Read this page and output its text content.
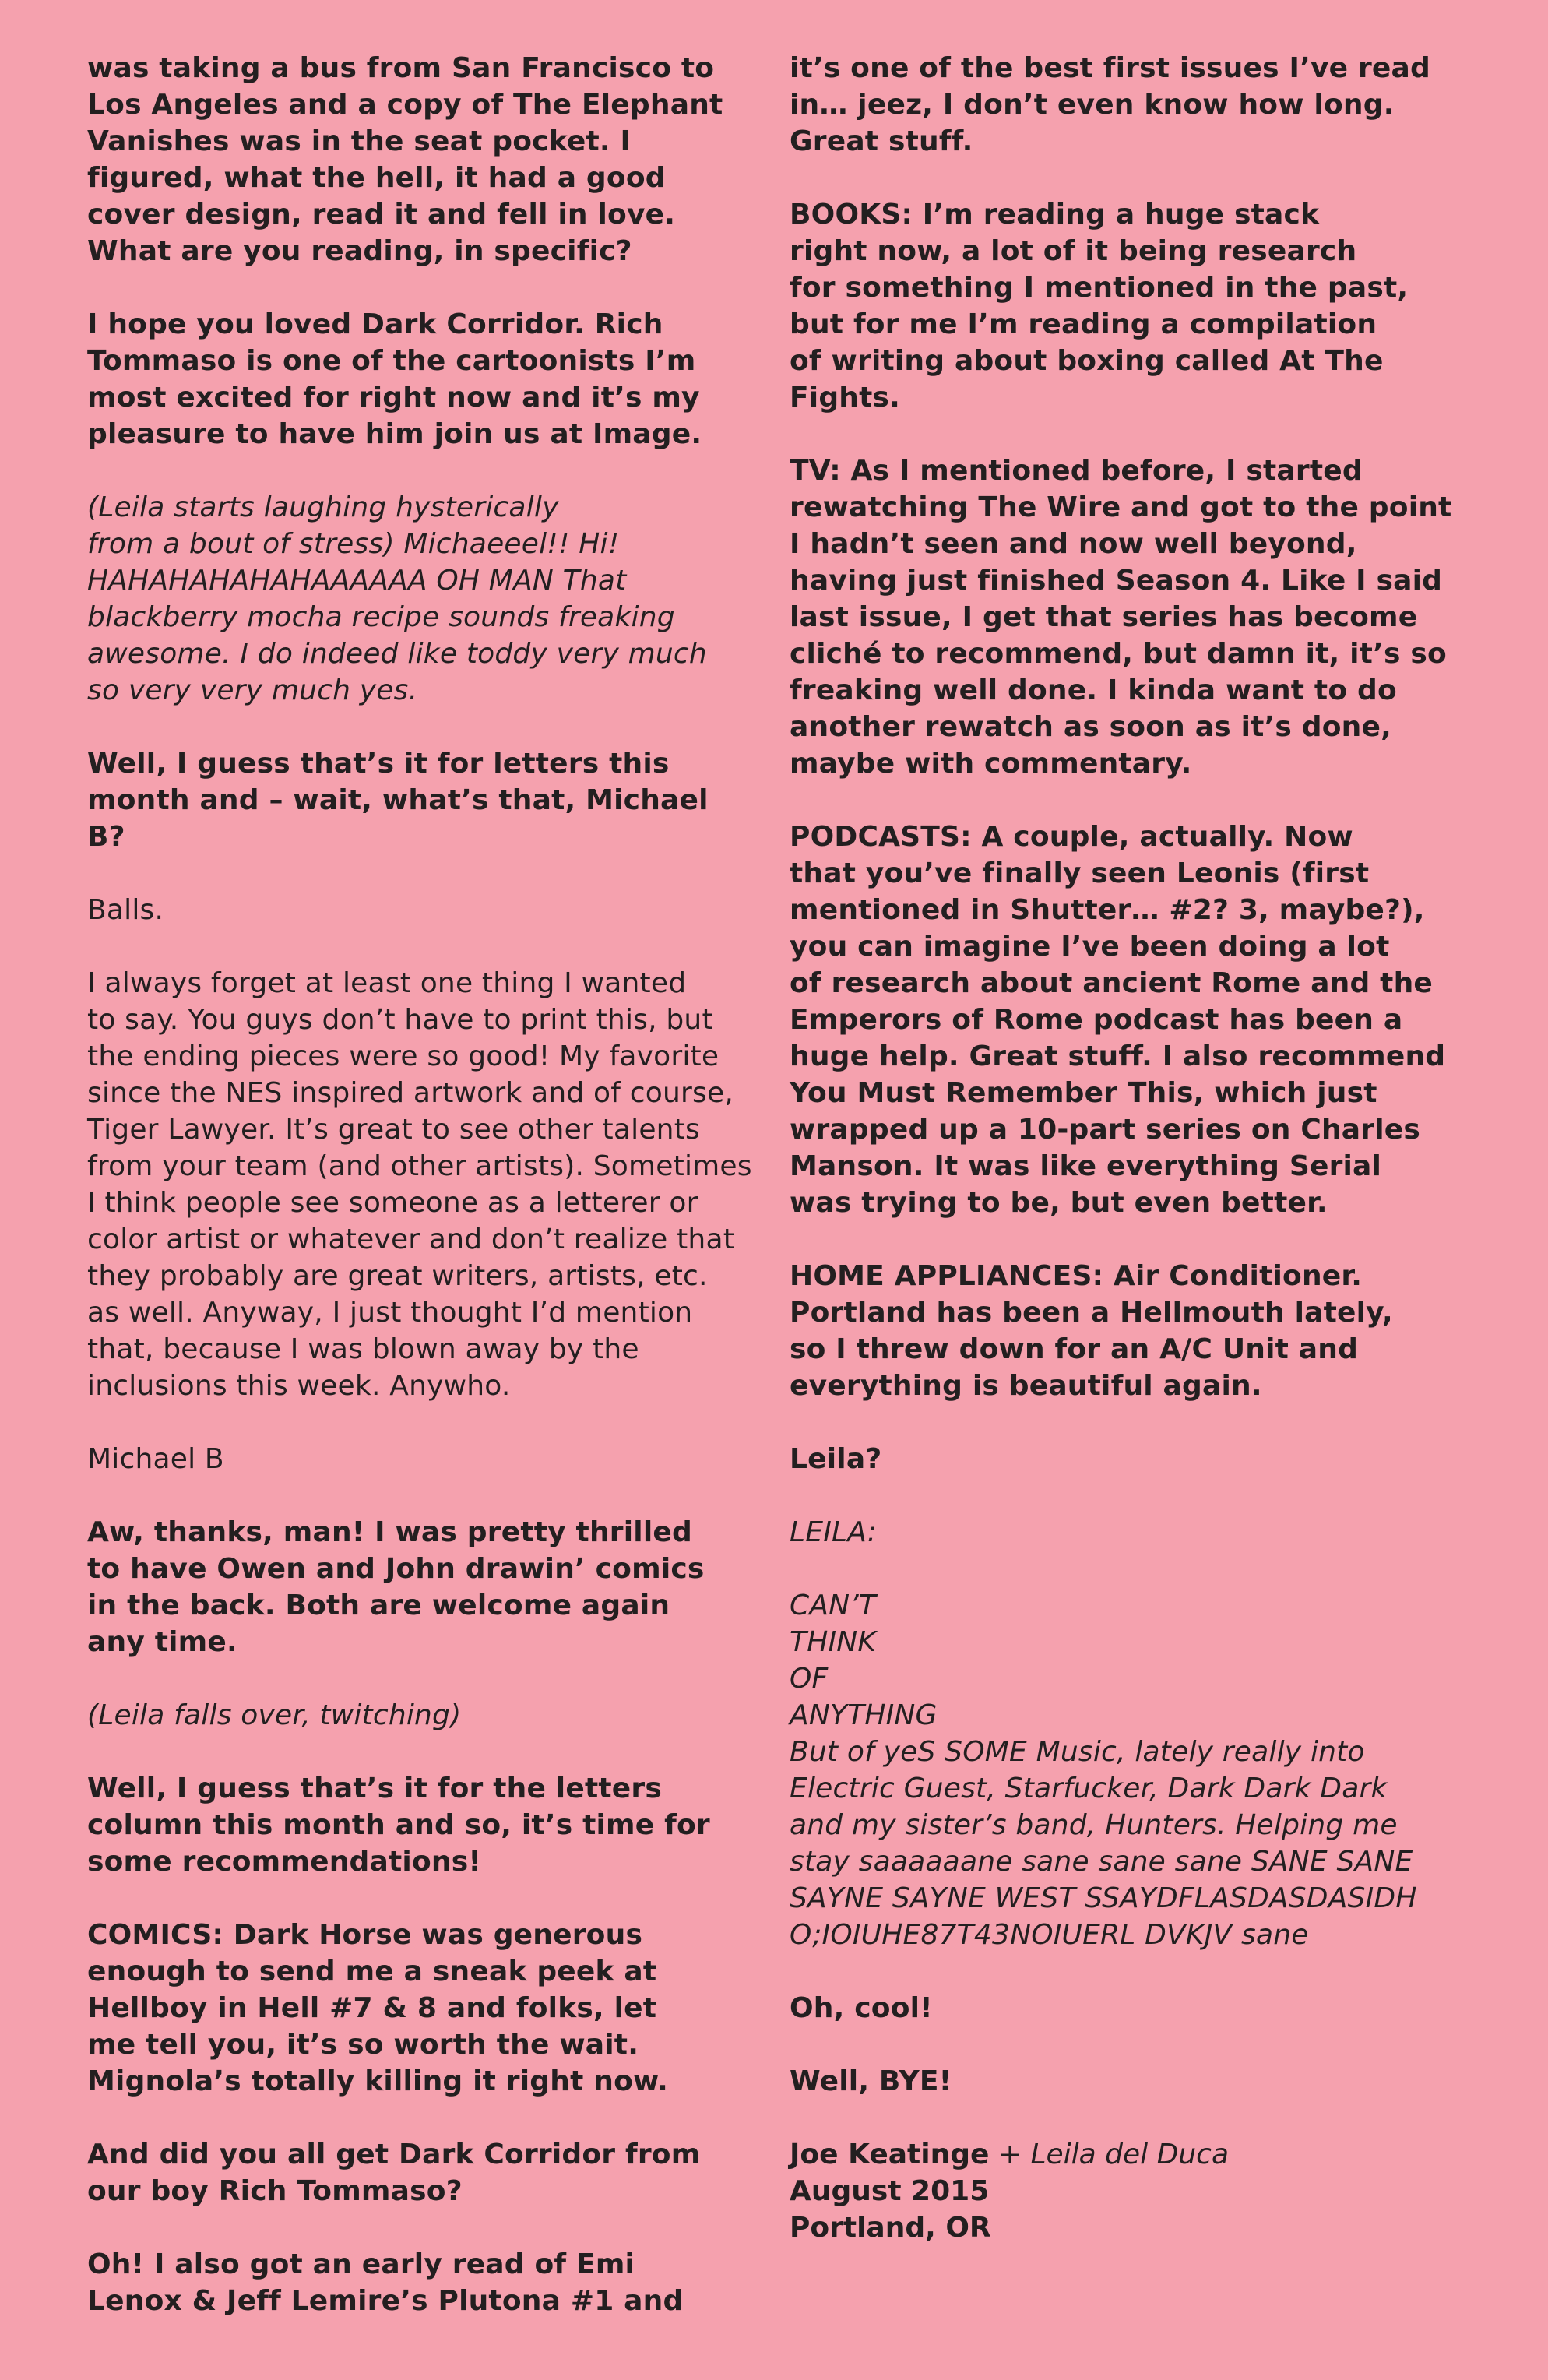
was taking a bus from San Francisco to
Los Angeles and a copy of The Elephant
Vanishes was in the seat pocket. I
figured, what the hell, it had a good
cover design, read it and fell in love.
What are you reading, in specific?

I hope you loved Dark Corridor. Rich
Tommaso is one of the cartoonists I’m
most excited for right now and it’s my
pleasure to have him join us at Image.

(Leila starts laughing hysterically
from a bout of stress) Michaeeel!! Hi!
HAHAHAHAHAHAAAAAA OH MAN That
blackberry mocha recipe sounds freaking
awesome. I do indeed like toddy very much
so very very much yes.

Well, I guess that’s it for letters this
month and – wait, what’s that, Michael
B?

Balls.

I always forget at least one thing I wanted
to say. You guys don’t have to print this, but
the ending pieces were so good! My favorite
since the NES inspired artwork and of course,
Tiger Lawyer. It’s great to see other talents
from your team (and other artists). Sometimes
I think people see someone as a letterer or
color artist or whatever and don’t realize that
they probably are great writers, artists, etc.
as well. Anyway, I just thought I’d mention
that, because I was blown away by the
inclusions this week. Anywho.

Michael B

Aw, thanks, man! I was pretty thrilled
to have Owen and John drawin’ comics
in the back. Both are welcome again
any time.

(Leila falls over, twitching)

Well, I guess that’s it for the letters
column this month and so, it’s time for
some recommendations!

COMICS: Dark Horse was generous
enough to send me a sneak peek at
Hellboy in Hell #7 & 8 and folks, let
me tell you, it’s so worth the wait.
Mignola’s totally killing it right now.

And did you all get Dark Corridor from
our boy Rich Tommaso?

Oh! I also got an early read of Emi
Lenox & Jeff Lemire’s Plutona #1 and

it’s one of the best first issues I’ve read
in… jeez, I don’t even know how long.
Great stuff.

BOOKS: I’m reading a huge stack
right now, a lot of it being research
for something I mentioned in the past,
but for me I’m reading a compilation
of writing about boxing called At The
Fights.

TV: As I mentioned before, I started
rewatching The Wire and got to the point
I hadn’t seen and now well beyond,
having just finished Season 4. Like I said
last issue, I get that series has become
cliché to recommend, but damn it, it’s so
freaking well done. I kinda want to do
another rewatch as soon as it’s done,
maybe with commentary.

PODCASTS: A couple, actually. Now
that you’ve finally seen Leonis (first
mentioned in Shutter… #2? 3, maybe?),
you can imagine I’ve been doing a lot
of research about ancient Rome and the
Emperors of Rome podcast has been a
huge help. Great stuff. I also recommend
You Must Remember This, which just
wrapped up a 10-part series on Charles
Manson. It was like everything Serial
was trying to be, but even better.

HOME APPLIANCES: Air Conditioner.
Portland has been a Hellmouth lately,
so I threw down for an A/C Unit and
everything is beautiful again.

Leila?

LEILA:

CAN’T
THINK
OF
ANYTHING
But of yeS SOME Music, lately really into
Electric Guest, Starfucker, Dark Dark Dark
and my sister’s band, Hunters. Helping me
stay saaaaaane sane sane sane SANE SANE
SAYNE SAYNE WEST SSAYDFLASDASDASIDH
O;IOIUHE87T43NOIUERL DVKJV sane

Oh, cool!

Well, BYE!

Joe Keatinge + Leila del Duca

August 2015

Portland, OR
